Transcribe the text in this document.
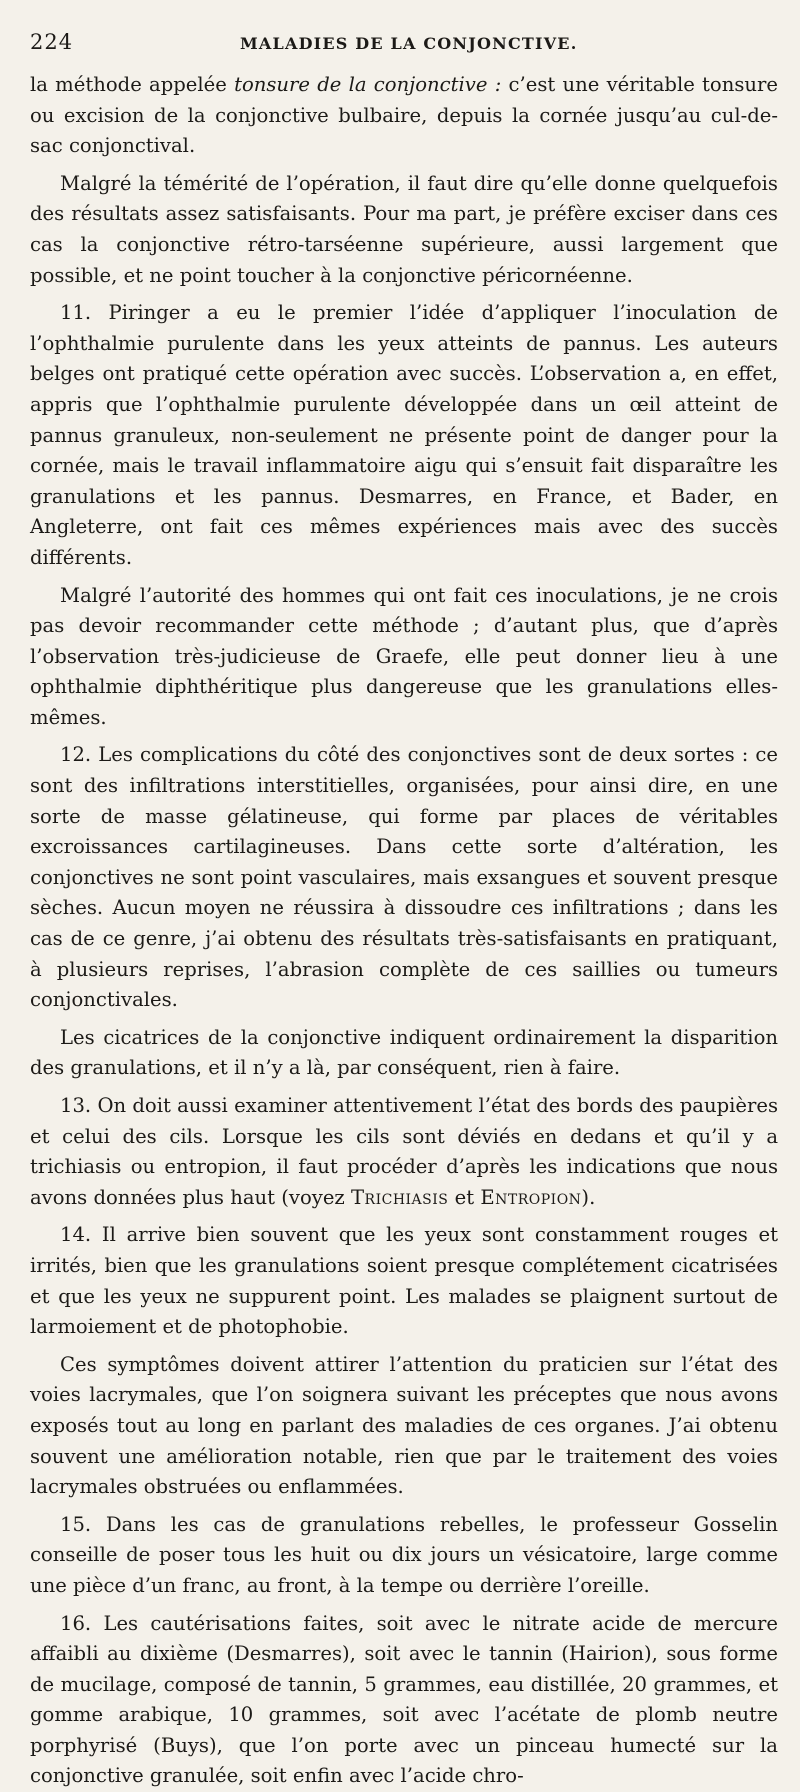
224	MALADIES DE LA CONJONCTIVE.

la méthode appelée tonsure de la conjonctive : c’est une véritable tonsure ou excision de la conjonctive bulbaire, depuis la cornée jusqu’au cul-de-sac conjonctival.

Malgré la témérité de l’opération, il faut dire qu’elle donne quelquefois des résultats assez satisfaisants. Pour ma part, je préfère exciser dans ces cas la conjonctive rétro-tarséenne supérieure, aussi largement que possible, et ne point toucher à la conjonctive péricornéenne.

11. Piringer a eu le premier l’idée d’appliquer l’inoculation de l’ophthalmie purulente dans les yeux atteints de pannus. Les auteurs belges ont pratiqué cette opération avec succès. L’observation a, en effet, appris que l’ophthalmie purulente développée dans un œil atteint de pannus granuleux, non-seulement ne présente point de danger pour la cornée, mais le travail inflammatoire aigu qui s’ensuit fait disparaître les granulations et les pannus. Desmarres, en France, et Bader, en Angleterre, ont fait ces mêmes expériences mais avec des succès différents.

Malgré l’autorité des hommes qui ont fait ces inoculations, je ne crois pas devoir recommander cette méthode ; d’autant plus, que d’après l’observation très-judicieuse de Graefe, elle peut donner lieu à une ophthalmie diphthéritique plus dangereuse que les granulations elles-mêmes.

12. Les complications du côté des conjonctives sont de deux sortes : ce sont des infiltrations interstitielles, organisées, pour ainsi dire, en une sorte de masse gélatineuse, qui forme par places de véritables excroissances cartilagineuses. Dans cette sorte d’altération, les conjonctives ne sont point vasculaires, mais exsangues et souvent presque sèches. Aucun moyen ne réussira à dissoudre ces infiltrations ; dans les cas de ce genre, j’ai obtenu des résultats très-satisfaisants en pratiquant, à plusieurs reprises, l’abrasion complète de ces saillies ou tumeurs conjonctivales.

Les cicatrices de la conjonctive indiquent ordinairement la disparition des granulations, et il n’y a là, par conséquent, rien à faire.

13. On doit aussi examiner attentivement l’état des bords des paupières et celui des cils. Lorsque les cils sont déviés en dedans et qu’il y a trichiasis ou entropion, il faut procéder d’après les indications que nous avons données plus haut (voyez Trichiasis et Entropion).

14. Il arrive bien souvent que les yeux sont constamment rouges et irrités, bien que les granulations soient presque complétement cicatrisées et que les yeux ne suppurent point. Les malades se plaignent surtout de larmoiement et de photophobie.

Ces symptômes doivent attirer l’attention du praticien sur l’état des voies lacrymales, que l’on soignera suivant les préceptes que nous avons exposés tout au long en parlant des maladies de ces organes. J’ai obtenu souvent une amélioration notable, rien que par le traitement des voies lacrymales obstruées ou enflammées.

15. Dans les cas de granulations rebelles, le professeur Gosselin conseille de poser tous les huit ou dix jours un vésicatoire, large comme une pièce d’un franc, au front, à la tempe ou derrière l’oreille.

16. Les cautérisations faites, soit avec le nitrate acide de mercure affaibli au dixième (Desmarres), soit avec le tannin (Hairion), sous forme de mucilage, composé de tannin, 5 grammes, eau distillée, 20 grammes, et gomme arabique, 10 grammes, soit avec l’acétate de plomb neutre porphyrisé (Buys), que l’on porte avec un pinceau humecté sur la conjonctive granulée, soit enfin avec l’acide chro-
